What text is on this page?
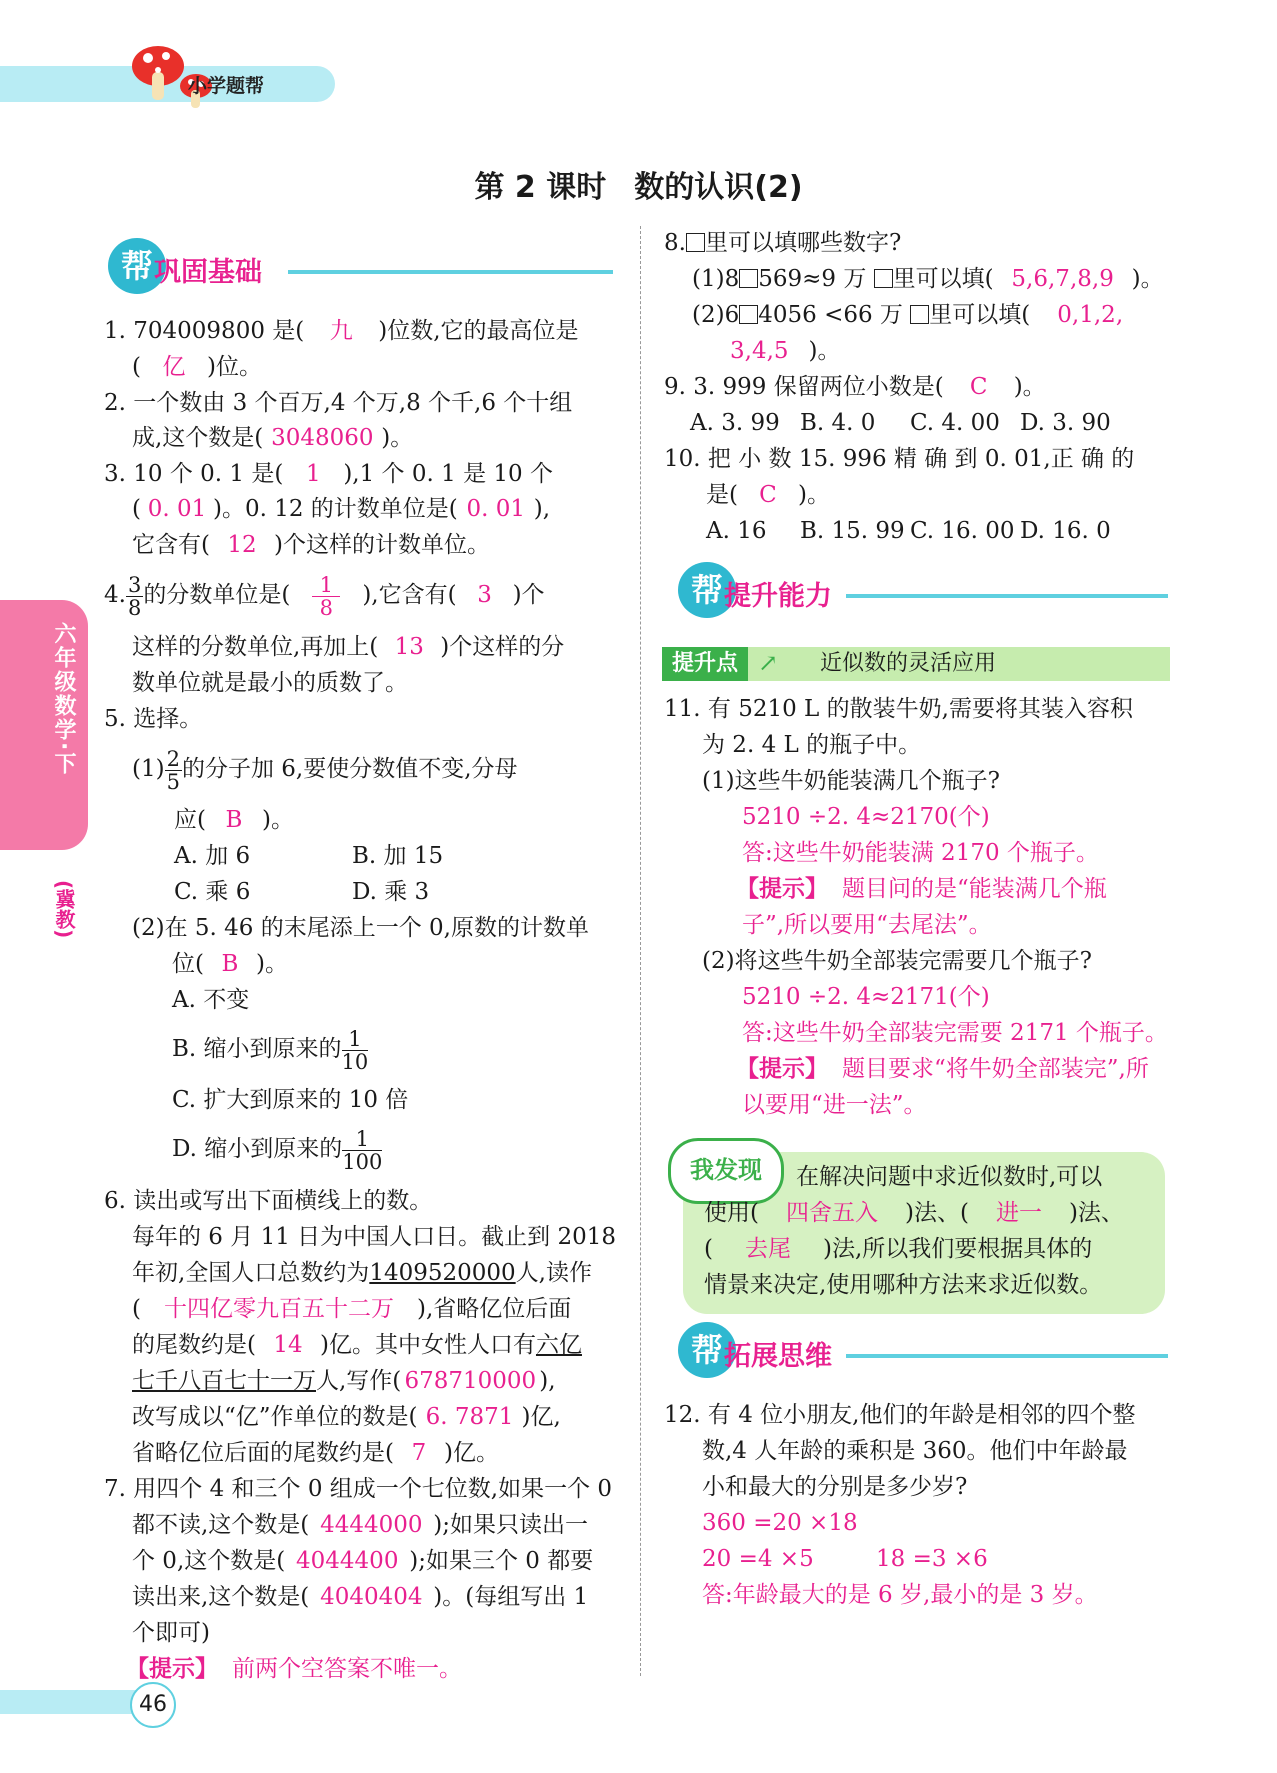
小学题帮
第 2 课时 数的认识(2)
六年级数学·下
(冀教)
帮 巩固基础
1. 704009800 是( 九 )位数,它的最高位是
( 亿 )位。
2. 一个数由 3 个百万,4 个万,8 个千,6 个十组
成,这个数是( 3048060 )。
3. 10 个 0. 1 是( 1 ),1 个 0. 1 是 10 个
( 0. 01 )。0. 12 的计数单位是( 0. 01 ),
它含有( 12 )个这样的计数单位。
4. $\frac{3}{8}$ 的分数单位是( $\frac{1}{8}$ ),它含有( 3 )个
这样的分数单位,再加上( 13 )个这样的分
数单位就是最小的质数了。
5. 选择。
$(1) \frac{2}{5}$ 的分子加 6,要使分数值不变,分母
应( B )。
A. 加 6	B. 加 15
C. 乘 6	D. 乘 3
(2)在 5. 46 的末尾添上一个 0,原数的计数单
位( B )。
A. 不变
B. 缩小到原来的 $\frac{1}{10}$
C. 扩大到原来的 10 倍
D. 缩小到原来的 $\frac{1}{100}$
6. 读出或写出下面横线上的数。
每年的 6 月 11 日为中国人口日。截止到 2018
年初,全国人口总数约为1409520000人,读作
( 十四亿零九百五十二万 ),省略亿位后面
的尾数约是( 14 )亿。其中女性人口有六亿
七千八百七十一万人,写作( 678710000 ),
改写成以“亿”作单位的数是( 6. 7871 )亿,
省略亿位后面的尾数约是( 7 )亿。
7. 用四个 4 和三个 0 组成一个七位数,如果一个 0
都不读,这个数是( 4444000 );如果只读出一
个 0,这个数是( 4044400 );如果三个 0 都要
读出来,这个数是( 4040404 )。(每组写出 1
个即可)
【提示】 前两个空答案不唯一。
8. 里可以填哪些数字?
(1)8 569≈9 万 里可以填( 5,6,7,8,9 )。
(2)6 4056 <66 万 里可以填( 0,1,2,
3,4,5 )。
9. 3. 999 保留两位小数是( C )。
A. 3. 99 B. 4. 0 C. 4. 00 D. 3. 90
10. 把 小 数 15. 996 精 确 到 0. 01,正 确 的
是( C )。
A. 16 B. 15. 99 C. 16. 00 D. 16. 0
帮 提升能力
提升点 ↗ 近似数的灵活应用
11. 有 5210 L 的散装牛奶,需要将其装入容积
为 2. 4 L 的瓶子中。
(1)这些牛奶能装满几个瓶子?
5210 ÷2. 4≈2170(个)
答:这些牛奶能装满 2170 个瓶子。
【提示】 题目问的是“能装满几个瓶
子”,所以要用“去尾法”。
(2)将这些牛奶全部装完需要几个瓶子?
5210 ÷2. 4≈2171(个)
答:这些牛奶全部装完需要 2171 个瓶子。
【提示】 题目要求“将牛奶全部装完”,所
以要用“进一法”。
我发现	在解决问题中求近似数时,可以
使用( 四舍五入 )法、( 进一 )法、
( 去尾 )法,所以我们要根据具体的
情景来决定,使用哪种方法来求近似数。
帮 拓展思维
12. 有 4 位小朋友,他们的年龄是相邻的四个整
数,4 人年龄的乘积是 360。他们中年龄最
小和最大的分别是多少岁?
360 =20 ×18
20 =4 ×5	18 =3 ×6
答:年龄最大的是 6 岁,最小的是 3 岁。
46
